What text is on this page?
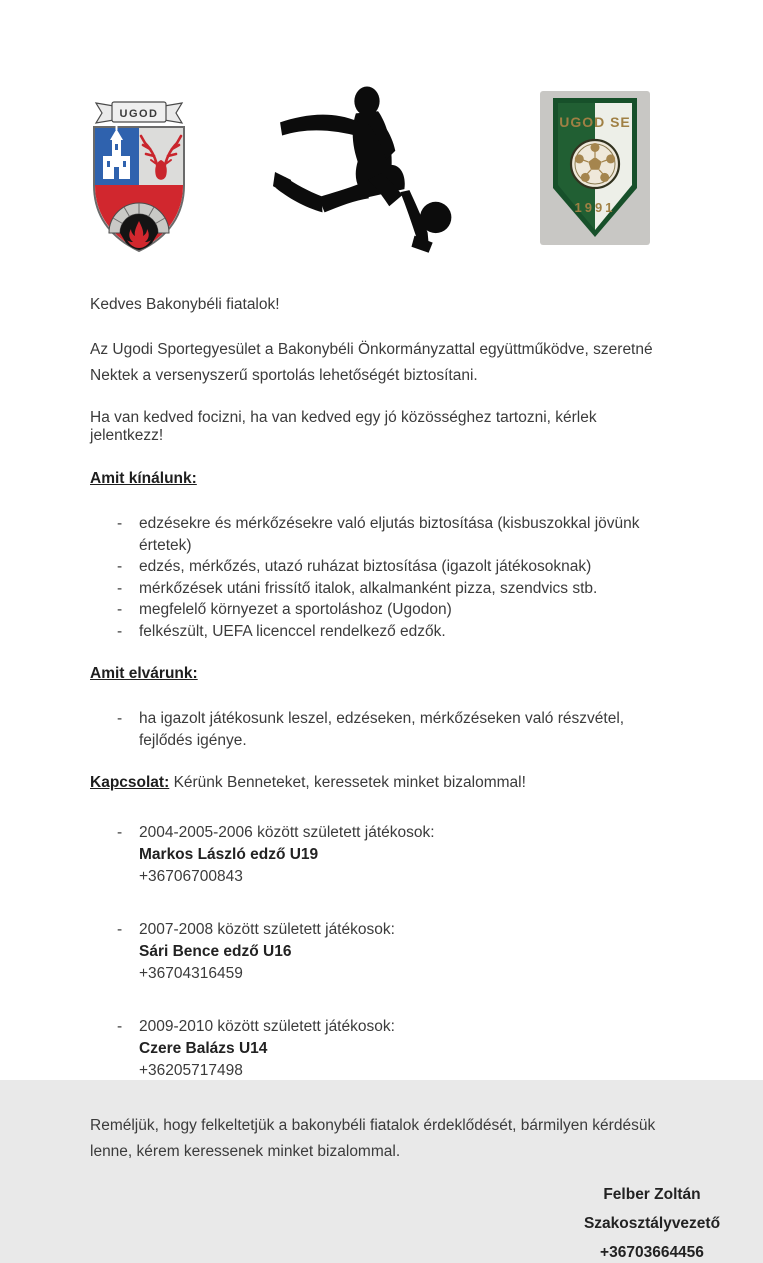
UGOD	UGOD SE
1991

Kedves Bakonybéli fiatalok!

Az Ugodi Sportegyesület a Bakonybéli Önkormányzattal együttműködve, szeretné Nektek a versenyszerű sportolás lehetőségét biztosítani.

Ha van kedved focizni, ha van kedved egy jó közösséghez tartozni, kérlek jelentkezz!

Amit kínálunk:
-	edzésekre és mérkőzésekre való eljutás biztosítása (kisbuszokkal jövünk értetek)
-	edzés, mérkőzés, utazó ruházat biztosítása (igazolt játékosoknak)
-	mérkőzések utáni frissítő italok, alkalmanként pizza, szendvics stb.
-	megfelelő környezet a sportoláshoz (Ugodon)
-	felkészült, UEFA licenccel rendelkező edzők.
Amit elvárunk:
-	ha igazolt játékosunk leszel, edzéseken, mérkőzéseken való részvétel, fejlődés igénye.

Kapcsolat: Kérünk Benneteket, keressetek minket bizalommal!

-	2004-2005-2006 között született játékosok:
Markos László edző U19
+36706700843
-	2007-2008 között született játékosok:
Sári Bence edző U16
+36704316459
-	2009-2010 között született játékosok:
Czere Balázs U14
+36205717498

Reméljük, hogy felkeltetjük a bakonybéli fiatalok érdeklődését, bármilyen kérdésük lenne, kérem keressenek minket bizalommal.

Felber Zoltán
Szakosztályvezető
+36703664456
